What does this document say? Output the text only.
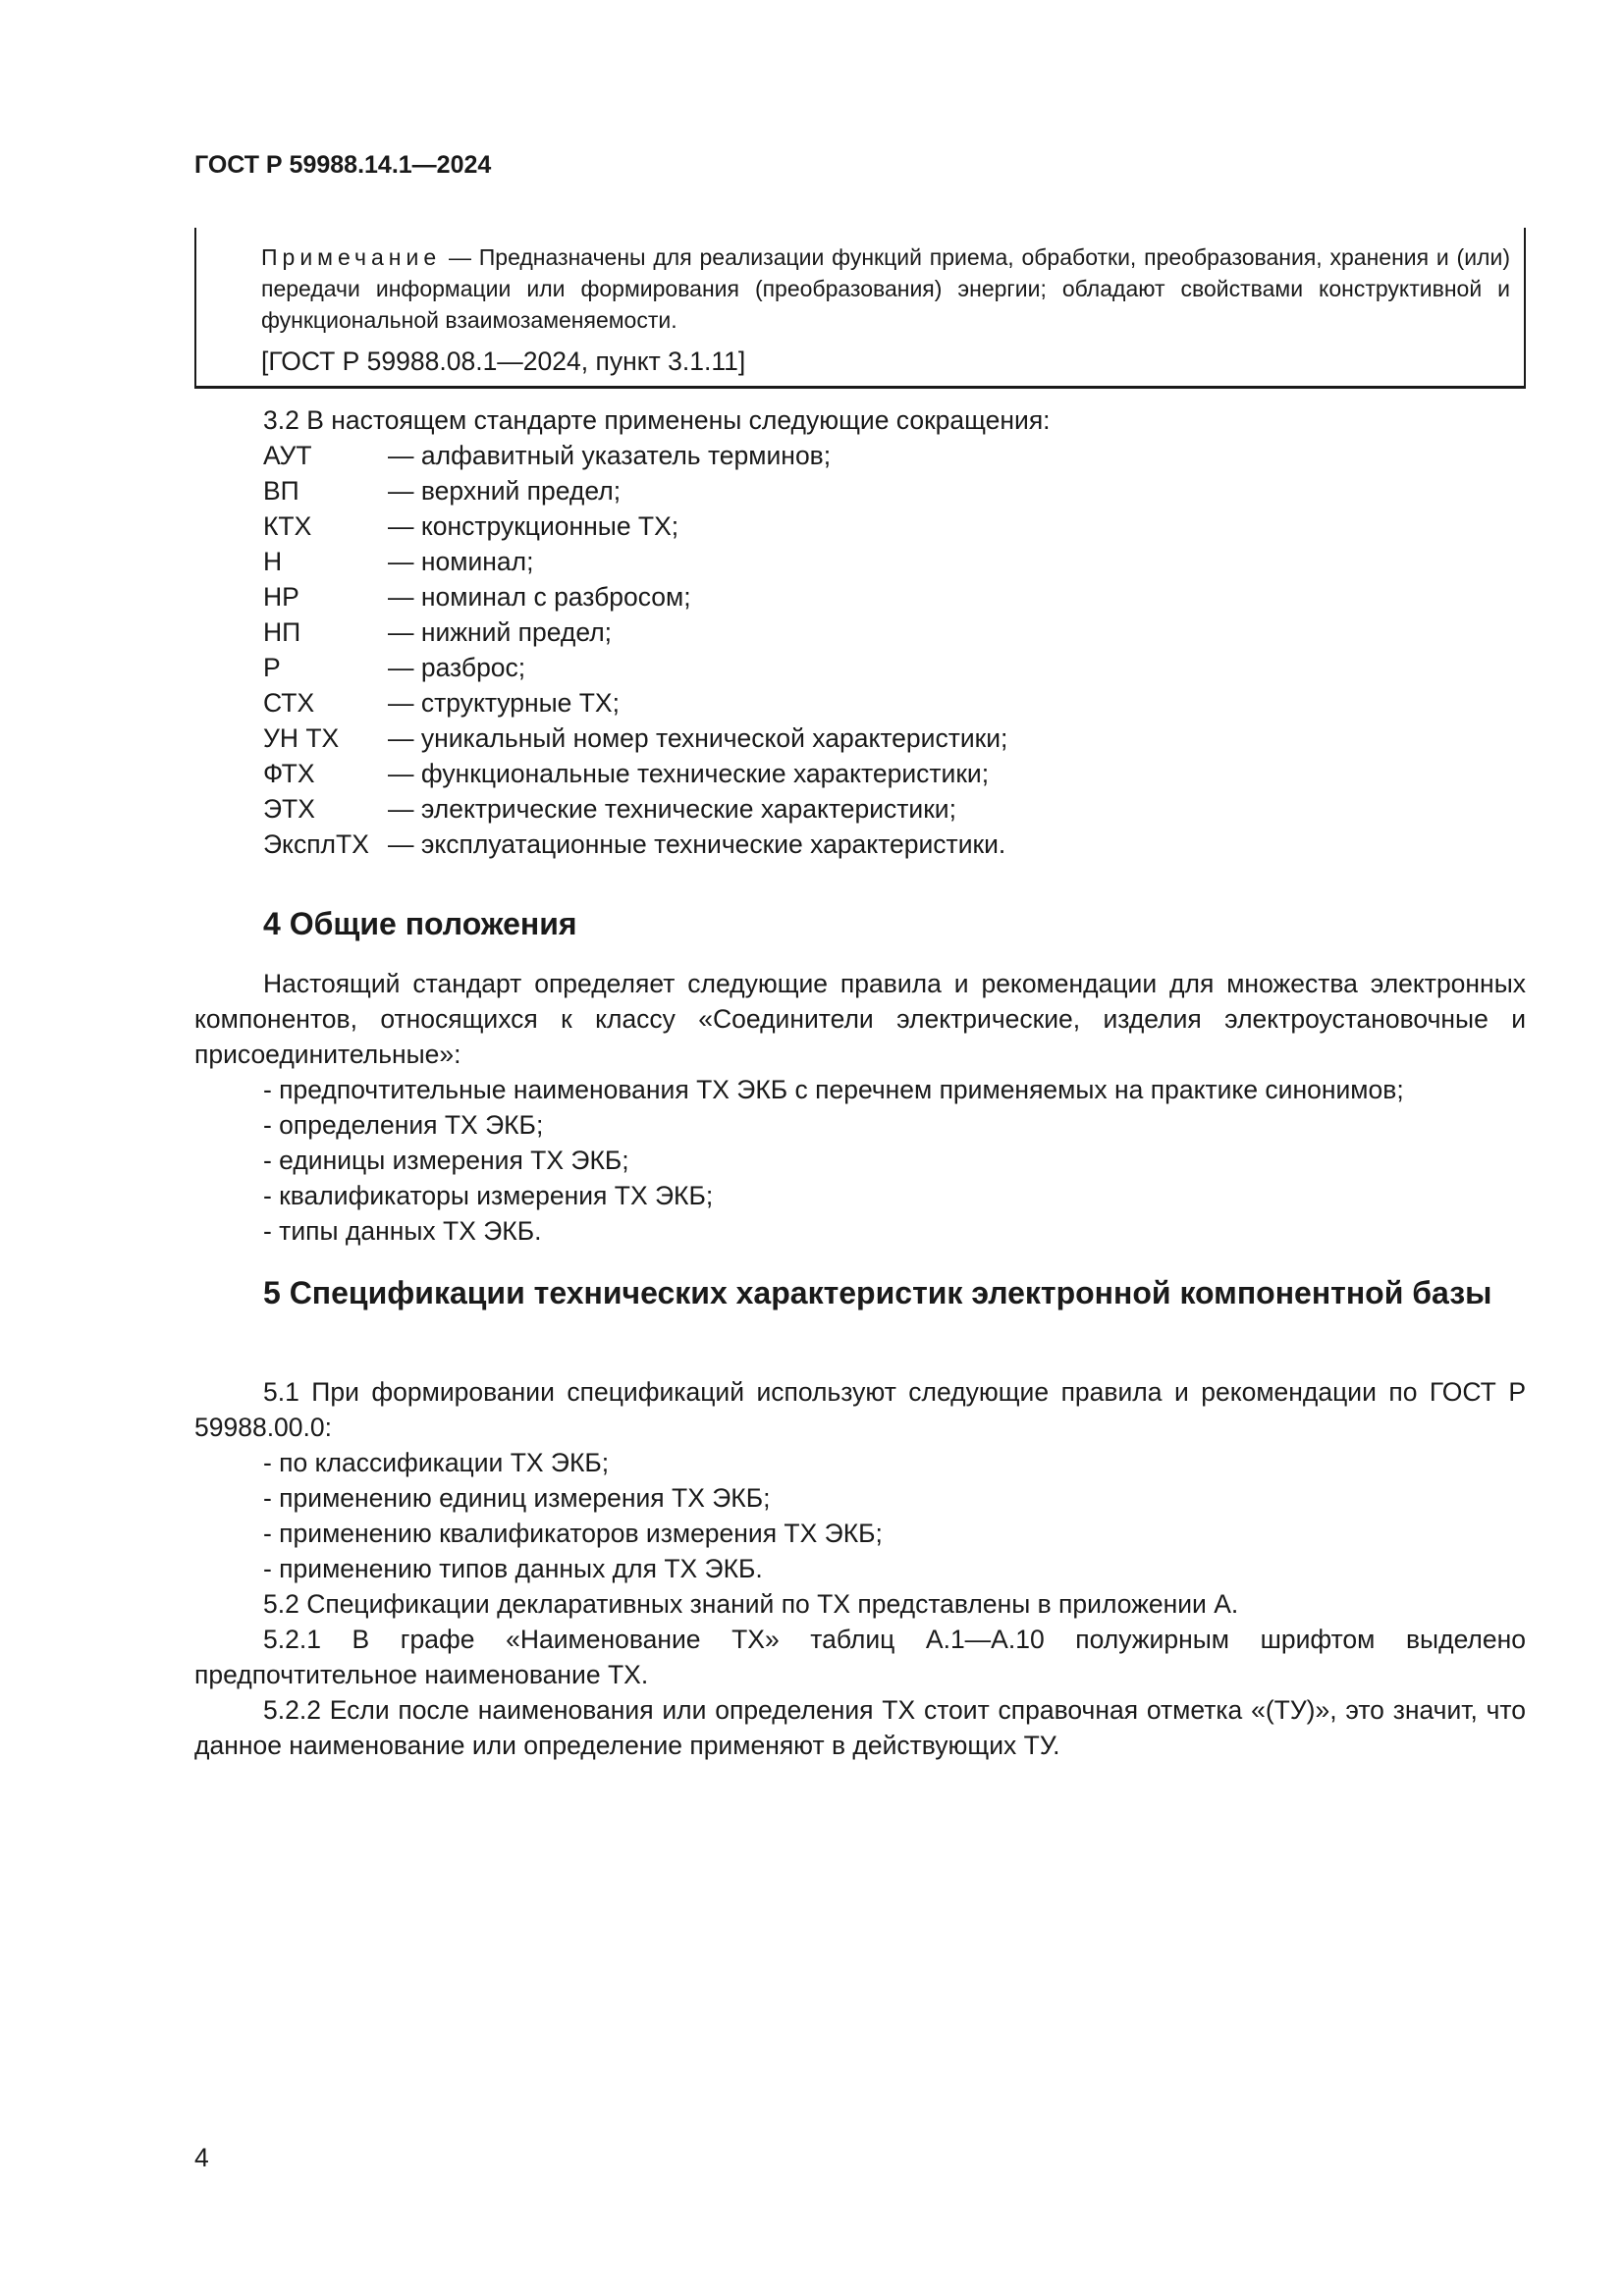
ГОСТ Р 59988.14.1—2024
Примечание — Предназначены для реализации функций приема, обработки, преобразования, хранения и (или) передачи информации или формирования (преобразования) энергии; обладают свойствами конструктивной и функциональной взаимозаменяемости.
[ГОСТ Р 59988.08.1—2024, пункт 3.1.11]
3.2 В настоящем стандарте применены следующие сокращения:
АУТ	— алфавитный указатель терминов;
ВП	— верхний предел;
КТХ	— конструкционные ТХ;
Н	— номинал;
НР	— номинал с разбросом;
НП	— нижний предел;
Р	— разброс;
СТХ	— структурные ТХ;
УН ТХ	— уникальный номер технической характеристики;
ФТХ	— функциональные технические характеристики;
ЭТХ	— электрические технические характеристики;
ЭксплТХ — эксплуатационные технические характеристики.
4 Общие положения
Настоящий стандарт определяет следующие правила и рекомендации для множества электронных компонентов, относящихся к классу «Соединители электрические, изделия электроустановочные и присоединительные»:
- предпочтительные наименования ТХ ЭКБ с перечнем применяемых на практике синонимов;
- определения ТХ ЭКБ;
- единицы измерения ТХ ЭКБ;
- квалификаторы измерения ТХ ЭКБ;
- типы данных ТХ ЭКБ.
5 Спецификации технических характеристик электронной компонентной базы
5.1 При формировании спецификаций используют следующие правила и рекомендации по ГОСТ Р 59988.00.0:
- по классификации ТХ ЭКБ;
- применению единиц измерения ТХ ЭКБ;
- применению квалификаторов измерения ТХ ЭКБ;
- применению типов данных для ТХ ЭКБ.
5.2 Спецификации декларативных знаний по ТХ представлены в приложении А.
5.2.1 В графе «Наименование ТХ» таблиц А.1—А.10 полужирным шрифтом выделено предпочтительное наименование ТХ.
5.2.2 Если после наименования или определения ТХ стоит справочная отметка «(ТУ)», это значит, что данное наименование или определение применяют в действующих ТУ.
4
